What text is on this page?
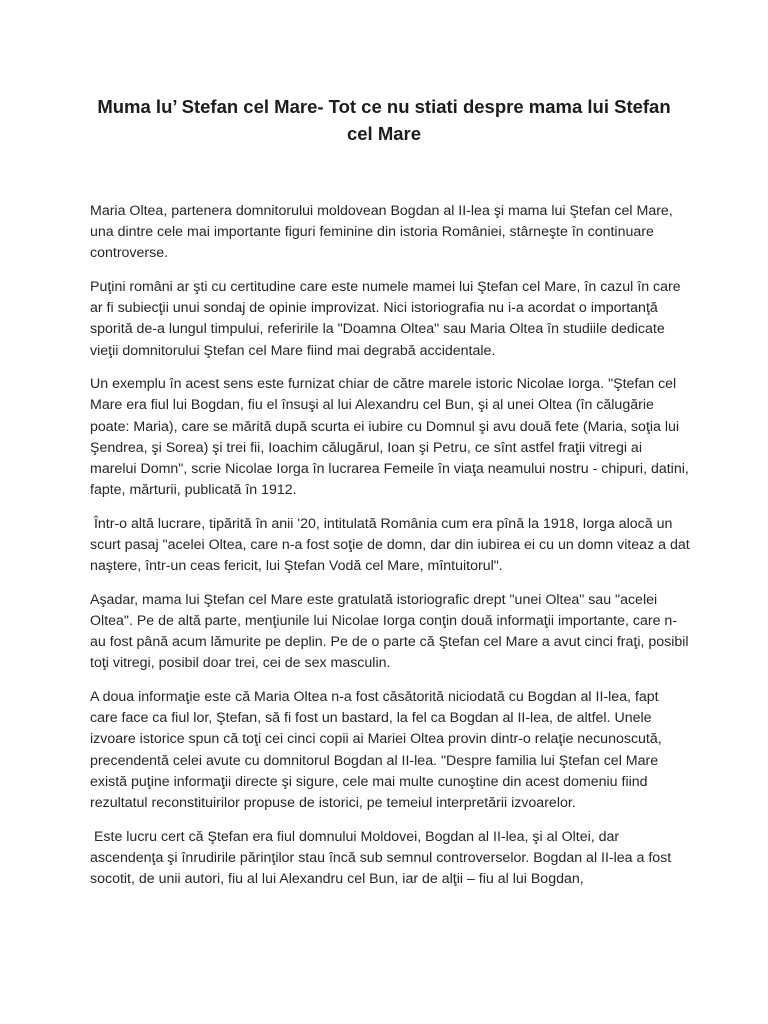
Muma lu’ Stefan cel Mare- Tot ce nu stiati despre mama lui Stefan cel Mare

Maria Oltea, partenera domnitorului moldovean Bogdan al II-lea şi mama lui Ştefan cel Mare, una dintre cele mai importante figuri feminine din istoria României, stârneşte în continuare controverse.

Puţini români ar şti cu certitudine care este numele mamei lui Ştefan cel Mare, în cazul în care ar fi subiecţii unui sondaj de opinie improvizat. Nici istoriografia nu i-a acordat o importanţă sporită de-a lungul timpului, referirile la "Doamna Oltea" sau Maria Oltea în studiile dedicate vieţii domnitorului Ştefan cel Mare fiind mai degrabă accidentale.

Un exemplu în acest sens este furnizat chiar de către marele istoric Nicolae Iorga. "Ştefan cel Mare era fiul lui Bogdan, fiu el însuşi al lui Alexandru cel Bun, şi al unei Oltea (în călugărie poate: Maria), care se mărită după scurta ei iubire cu Domnul şi avu două fete (Maria, soţia lui Şendrea, şi Sorea) şi trei fii, Ioachim călugărul, Ioan şi Petru, ce sînt astfel fraţii vitregi ai marelui Domn", scrie Nicolae Iorga în lucrarea Femeile în viaţa neamului nostru - chipuri, datini, fapte, mărturii, publicată în 1912.

Într-o altă lucrare, tipărită în anii '20, intitulată România cum era pînă la 1918, Iorga alocă un scurt pasaj "acelei Oltea, care n-a fost soţie de domn, dar din iubirea ei cu un domn viteaz a dat naştere, într-un ceas fericit, lui Ştefan Vodă cel Mare, mîntuitorul".

Aşadar, mama lui Ştefan cel Mare este gratulată istoriografic drept "unei Oltea" sau "acelei Oltea". Pe de altă parte, menţiunile lui Nicolae Iorga conţin două informaţii importante, care n-au fost până acum lămurite pe deplin. Pe de o parte că Ştefan cel Mare a avut cinci fraţi, posibil toţi vitregi, posibil doar trei, cei de sex masculin.

A doua informaţie este că Maria Oltea n-a fost căsătorită niciodată cu Bogdan al II-lea, fapt care face ca fiul lor, Ştefan, să fi fost un bastard, la fel ca Bogdan al II-lea, de altfel. Unele izvoare istorice spun că toţi cei cinci copii ai Mariei Oltea provin dintr-o relaţie necunoscută, precendentă celei avute cu domnitorul Bogdan al II-lea. "Despre familia lui Ştefan cel Mare există puţine informaţii directe şi sigure, cele mai multe cunoştine din acest domeniu fiind rezultatul reconstituirilor propuse de istorici, pe temeiul interpretării izvoarelor.

Este lucru cert că Ştefan era fiul domnului Moldovei, Bogdan al II-lea, şi al Oltei, dar ascendenţa şi înrudirile părinţilor stau încă sub semnul controverselor. Bogdan al II-lea a fost socotit, de unii autori, fiu al lui Alexandru cel Bun, iar de alţii – fiu al lui Bogdan,
